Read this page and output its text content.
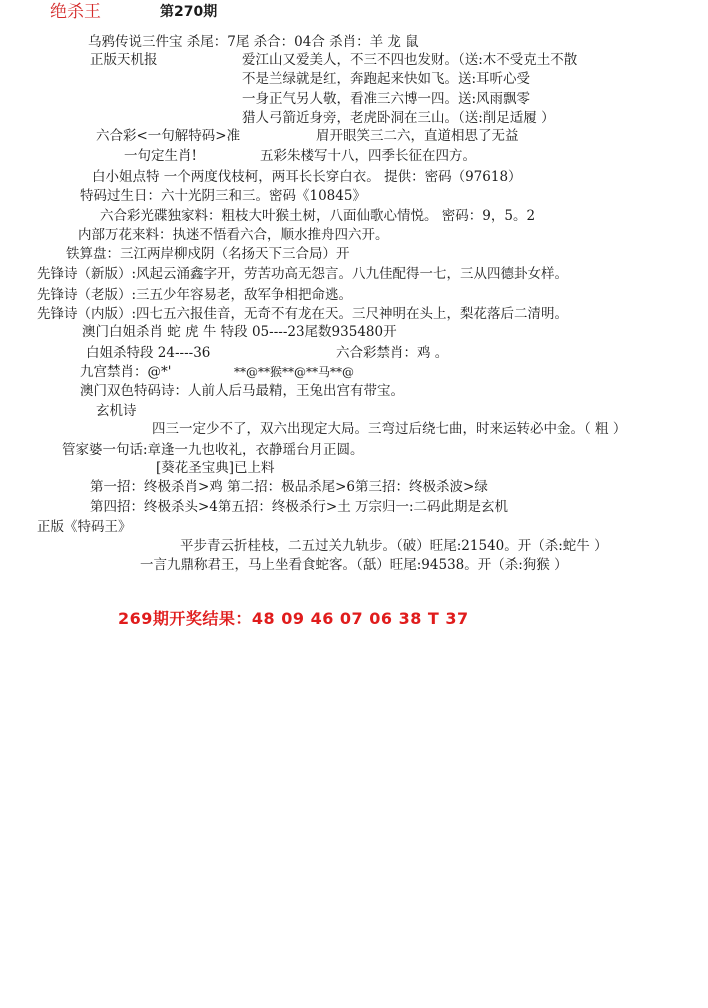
绝杀王	第270期
乌鸦传说三件宝 杀尾：7尾 杀合：04合 杀肖：羊 龙 鼠
正版天机报	爱江山又爱美人，不三不四也发财。（送:木不受克土不散
不是兰绿就是红，奔跑起来快如飞。送:耳听心受
一身正气另人敬，看准三六博一四。送:风雨飘零
猎人弓箭近身旁，老虎卧洞在三山。（送:削足适履 ）
六合彩<一句解特码>准	眉开眼笑三二六，直道相思了无益
一句定生肖!	五彩朱楼写十八，四季长征在四方。
白小姐点特 一个两度伐枝柯，两耳长长穿白衣。 提供：密码（97618）
特码过生日：六十光阴三和三。密码《10845》
六合彩光碟独家料：粗枝大叶猴土树，八面仙歌心情悦。 密码：9，5。2
内部万花来料：执迷不悟看六合，顺水推舟四六开。
铁算盘：三江两岸柳戍阴（名扬天下三合局）开
先锋诗（新版）:风起云涌鑫字开，劳苦功高无怨言。八九佳配得一七，三从四德卦女样。
先锋诗（老版）:三五少年容易老，敌军争相把命逃。
先锋诗（内版）:四七五六报佳音，无奇不有龙在天。三尺神明在头上，梨花落后二清明。
澳门白姐杀肖 蛇 虎 牛 特段 05----23尾数935480开
白姐杀特段 24----36	六合彩禁肖：鸡 。
九宫禁肖：@*'	**@**猴**@**马**@
澳门双色特码诗：人前人后马最精，王兔出宫有带宝。
玄机诗
四三一定少不了，双六出现定大局。三弯过后绕七曲，时来运转必中金。（ 粗 ）
管家婆一句话:章逢一九也收礼，衣静瑶台月正圆。
[葵花圣宝典]已上料
第一招：终极杀肖>鸡 第二招：极品杀尾>6第三招：终极杀波>绿
第四招：终极杀头>4第五招：终极杀行>土 万宗归一:二码此期是玄机
正版《特码王》
平步青云折桂枝，二五过关九轨步。（破）旺尾:21540。开（杀:蛇牛 ）
一言九鼎称君王，马上坐看食蛇客。（舐）旺尾:94538。开（杀:狗猴 ）
269期开奖结果：48 09 46 07 06 38 T 37
